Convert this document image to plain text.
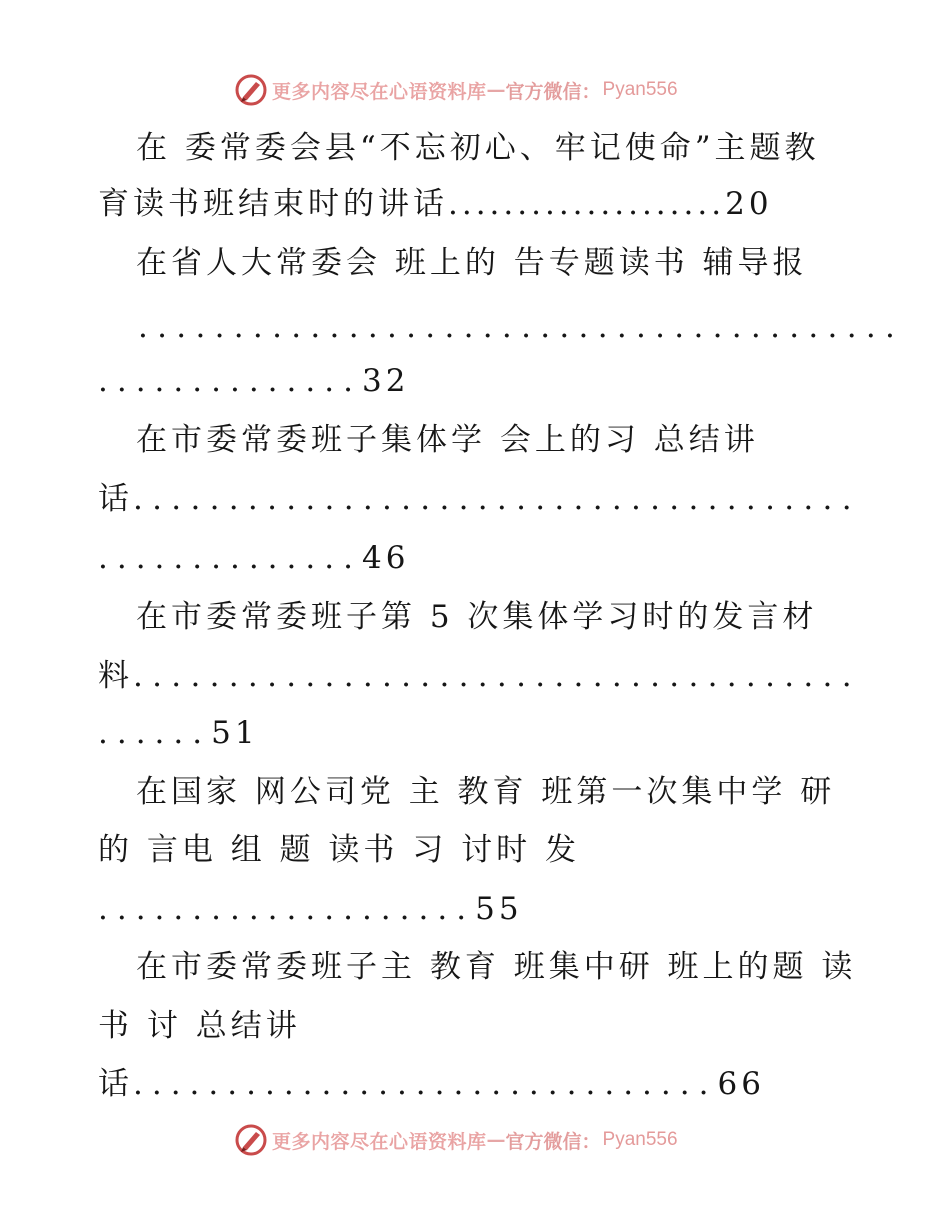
更多内容尽在心语资料库 — 官方微信： Pyan556
在 委常委会县“不忘初心、牢记使命”主题教
育读书班结束时的讲话....................20
在省人大常委会 班上的 告专题读书 辅导报
........................................
..............32
在市委常委班子集体学 会上的习 总结讲
话......................................
..............46
在市委常委班子第 5 次集体学习时的发言材
料......................................
......51
在国家 网公司党 主 教育 班第一次集中学 研
的 言电 组 题 读书 习 讨时 发
....................55
在市委常委班子主 教育 班集中研 班上的题 读
书 讨 总结讲
话...............................66
更多内容尽在心语资料库 — 官方微信： Pyan556
